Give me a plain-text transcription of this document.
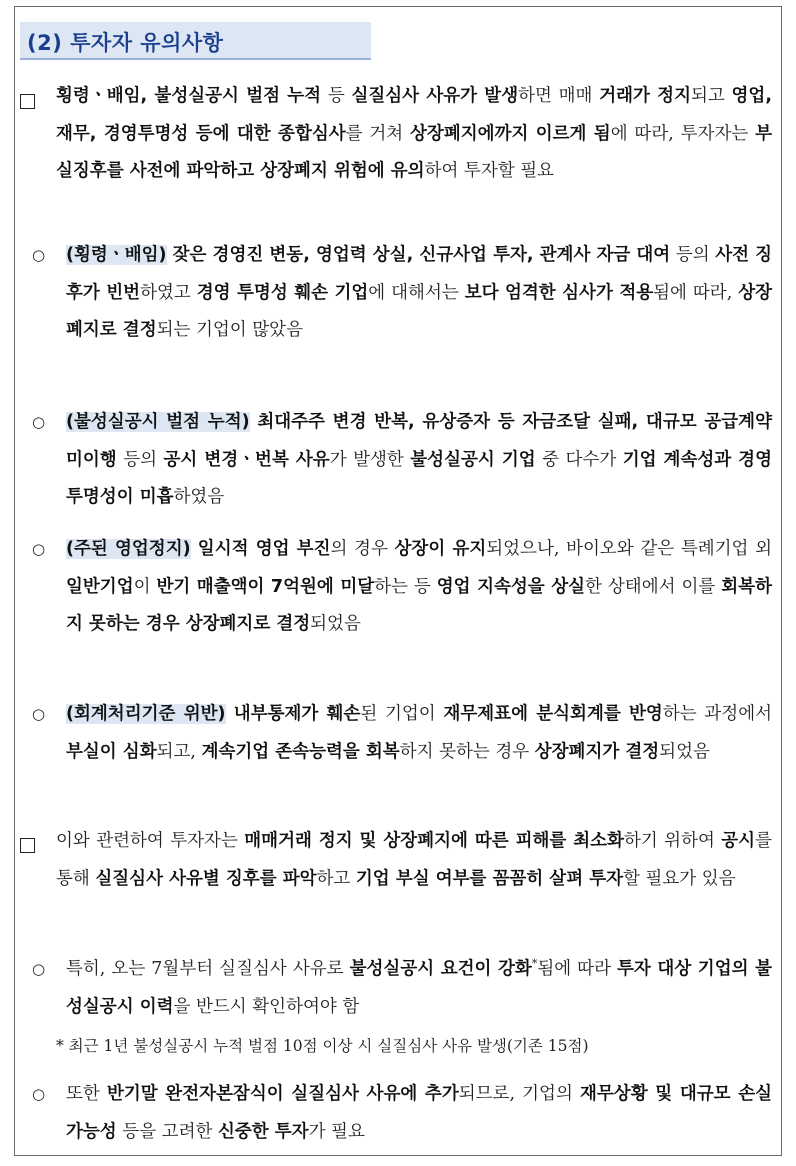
(2) 투자자 유의사항
횡령ㆍ배임, 불성실공시 벌점 누적 등 실질심사 사유가 발생하면 매매 거래가 정지되고 영업, 재무, 경영투명성 등에 대한 종합심사를 거쳐 상장폐지에까지 이르게 됨에 따라, 투자자는 부실징후를 사전에 파악하고 상장폐지 위험에 유의하여 투자할 필요
○ (횡령ㆍ배임) 잦은 경영진 변동, 영업력 상실, 신규사업 투자, 관계사 자금 대여 등의 사전 징후가 빈번하였고 경영 투명성 훼손 기업에 대해서는 보다 엄격한 심사가 적용됨에 따라, 상장폐지로 결정되는 기업이 많았음
○ (불성실공시 벌점 누적) 최대주주 변경 반복, 유상증자 등 자금조달 실패, 대규모 공급계약 미이행 등의 공시 변경ㆍ번복 사유가 발생한 불성실공시 기업 중 다수가 기업 계속성과 경영 투명성이 미흡하였음
○ (주된 영업정지) 일시적 영업 부진의 경우 상장이 유지되었으나, 바이오와 같은 특례기업 외 일반기업이 반기 매출액이 7억원에 미달하는 등 영업 지속성을 상실한 상태에서 이를 회복하지 못하는 경우 상장폐지로 결정되었음
○ (회계처리기준 위반) 내부통제가 훼손된 기업이 재무제표에 분식회계를 반영하는 과정에서 부실이 심화되고, 계속기업 존속능력을 회복하지 못하는 경우 상장폐지가 결정되었음
이와 관련하여 투자자는 매매거래 정지 및 상장폐지에 따른 피해를 최소화하기 위하여 공시를 통해 실질심사 사유별 징후를 파악하고 기업 부실 여부를 꼼꼼히 살펴 투자할 필요가 있음
○ 특히, 오는 7월부터 실질심사 사유로 불성실공시 요건이 강화*됨에 따라 투자 대상 기업의 불성실공시 이력을 반드시 확인하여야 함
* 최근 1년 불성실공시 누적 벌점 10점 이상 시 실질심사 사유 발생(기존 15점)
○ 또한 반기말 완전자본잠식이 실질심사 사유에 추가되므로, 기업의 재무상황 및 대규모 손실 가능성 등을 고려한 신중한 투자가 필요
